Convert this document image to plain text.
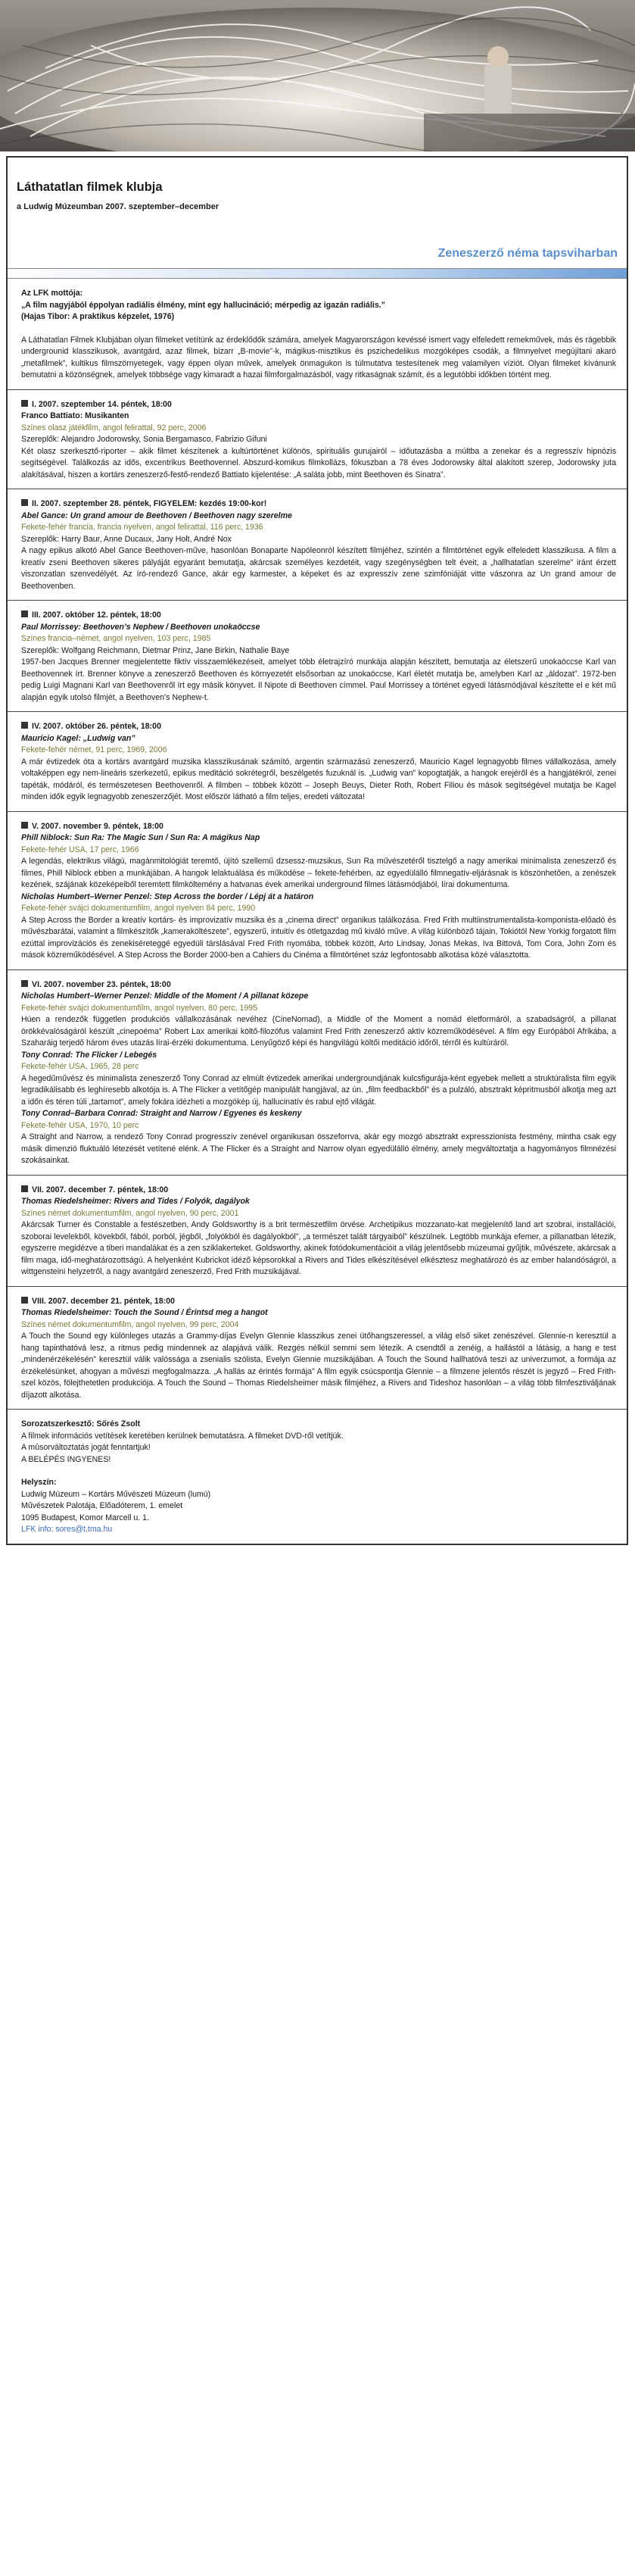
Láthatatlan filmek klubja
a Ludwig Múzeumban 2007. szeptember–december
Zeneszerző néma tapsviharban
Az LFK mottója:
„A film nagyjából éppolyan radiális élmény, mint egy hallucináció; mérpedig az igazán radiális.”
(Hajas Tibor: A praktikus képzelet, 1976)
A Láthatatlan Filmek Klubjában olyan filmeket vetítünk az érdeklődők számára, amelyek Magyarországon kevéssé ismert vagy elfeledett remekművek, más és rágebbik undergrounid klasszikusok, avantgárd, azaz filmek, bizarr „B-movie”-k, mágikus-misztikus és pszichedelikus mozgóképes csodák, a filmnyelvet megújítani akaró „metafilmek”, kultikus filmszörnyetegek, vagy éppen olyan művek, amelyek önmagukon is túlmutatva testesítenek meg valamilyen víziót. Olyan filmeket kívánunk bemutatni a közönségnek, amelyek többsége vagy kimaradt a hazai filmforgalmazásból, vagy ritkaságnak számít, és a legutóbbi időkben történt meg.
I. 2007. szeptember 14. péntek, 18:00
Franco Battiato: Musikanten
Színes olasz játékfilm, angol felirattal, 92 perc, 2006
Szereplők: Alejandro Jodorowsky, Sonia Bergamasco, Fabrizio Gifuni
Két olasz szerkesztő-riporter – akik filmet készítenek a kultúrtörténet különös, spirituális gurujairól – időutazásba a múltba a zenekar és a regresszív hipnózis segítségével. Találkozás az idős, excentrikus Beethovennel. Abszurd-komikus filmkollázs, fókuszban a 78 éves Jodorowsky által alakított szerep, Jodorowsky juta alakításával, hiszen a kortárs zeneszerző-festő-rendező Battiato kijelentése: „A saláta jobb, mint Beethoven és Sinatra”.
II. 2007. szeptember 28. péntek, FIGYELEM: kezdés 19:00-kor!
Abel Gance: Un grand amour de Beethoven / Beethoven nagy szerelme
Fekete-fehér francia, francia nyelven, angol felirattal, 116 perc, 1936
Szereplők: Harry Baur, Anne Ducaux, Jany Holt, André Nox
A nagy epikus alkotó Abel Gance Beethoven-műve, hasonlóan Bonaparte Napóleonról készített filmjéhez, szintén a filmtörténet egyik elfeledett klasszikusa. A film a kreatív zseni Beethoven sikeres pályáját egyaránt bemutatja, akárcsak személyes kezdetéit, vagy szegénységben telt éveit, a „hallhatatlan szerelme” iránt érzett viszonzatlan szenvedélyét. Az író-rendező Gance, akár egy karmester, a képeket és az expresszív zene szimfóniáját vitte vászonra az Un grand amour de Beethovenben.
III. 2007. október 12. péntek, 18:00
Paul Morrissey: Beethoven’s Nephew / Beethoven unokaöccse
Színes francia–német, angol nyelven, 103 perc, 1985
Szereplők: Wolfgang Reichmann, Dietmar Prinz, Jane Birkin, Nathalie Baye
1957-ben Jacques Brenner megjelentette fiktív visszaemlékezéseit, amelyet több életrajzíró munkája alapján készített, bemutatja az életszerű unokaöccse Karl van Beethovennek írt. Brenner könyve a zeneszerző Beethoven és környezetét elsősorban az unokaöccse, Karl életét mutatja be, amelyben Karl az „áldozat”. 1972-ben pedig Luigi Magnani Karl van Beethovenről írt egy másik könyvet. Il Nipote di Beethoven címmel. Paul Morrissey a történet egyedi látásmódjával készítette el e két mű alapján egyik utolsó filmjét, a Beethoven’s Nephew-t.
IV. 2007. október 26. péntek, 18:00
Mauricio Kagel: „Ludwig van”
Fekete-fehér német, 91 perc, 1969, 2006
A már évtizedek óta a kortárs avantgárd muzsika klasszikusának számító, argentin származású zeneszerző, Mauricio Kagel legnagyobb filmes vállalkozása, amely voltaképpen egy nem-lineáris szerkezetű, epikus meditáció sokrétegről, beszélgetés fuzuknál is. „Ludwig van” kopogtatják, a hangok erejéről és a hangjátékról, zenei tapéták, módáról, és természetesen Beethovenről. A filmben – többek között – Joseph Beuys, Dieter Roth, Robert Filiou és mások segítségével mutatja be Kagel minden idők egyik legnagyobb zeneszerzőjét. Most először látható a film teljes, eredeti változata!
V. 2007. november 9. péntek, 18:00
Phill Niblock: Sun Ra: The Magic Sun / Sun Ra: A mágikus Nap
Fekete-fehér USA, 17 perc, 1966
A legendás, elektrikus világú, magánmitológiát teremtő, újító szellemű dzsessz-muzsikus, Sun Ra művészetéről tisztelgő a nagy amerikai minimalista zeneszerző és filmes, Phill Niblock ebben a munkájában. A hangok lelaktuálása és működése – fekete-fehérben, az egyedülálló filmnegatív-eljárásnak is köszönhetően, a zenészek kezének, szájának közeképeiből teremtett filmköltemény a hatvanas évek amerikai underground filmes látásmódjából, lírai dokumentuma.
Nicholas Humbert–Werner Penzel: Step Across the border / Lépj át a határon
Fekete-fehér svájci dokumentumfilm, angol nyelven 84 perc, 1990
A Step Across the Border a kreatív kortárs- és improvizatív muzsika és a „cinema direct” organikus találkozása. Fred Frith multiinstrumentalista-komponista-előadó és művészbarátai, valamint a filmkészítők „kameraköltészete”, egyszerű, intuitív és ötletgazdag mű kiváló műve. A világ különböző tájain, Tokiótól New Yorkig forgatott film ezúttal improvizációs és zenekiséreteggé egyedüli társlásával Fred Frith nyomába, többek között, Arto Lindsay, Jonas Mekas, Iva Bittová, Tom Cora, John Zorn és mások közreműködésével. A Step Across the Border 2000-ben a Cahiers du Cinéma a filmtörténet száz legfontosabb alkotása közé választotta.
VI. 2007. november 23. péntek, 18:00
Nicholas Humbert–Werner Penzel: Middle of the Moment / A pillanat közepe
Fekete-fehér svájci dokumentumfilm, angol nyelven, 80 perc, 1995
Húen a rendezők független produkciós vállalkozásának nevéhez (CineNomad), a Middle of the Moment a nomád életformáról, a szabadságról, a pillanat örökkévalóságáról készült „cinepoéma” Robert Lax amerikai költő-filozófus valamint Fred Frith zeneszerző aktív közreműködésével. A film egy Európából Afrikába, a Szaharáig terjedő három éves utazás lírai-érzéki dokumentuma. Lenyűgöző képi és hangvilágú költői meditáció időről, térről és kultúráról.
Tony Conrad: The Flicker / Lebegés
Fekete-fehér USA, 1965, 28 perc
A hegedűművész és minimalista zeneszerző Tony Conrad az elmúlt évtizedek amerikai undergroundjának kulcsfigurája-ként egyebek mellett a struktúralista film egyik legradikálisabb és leghíresebb alkotója is. A The Flicker a vetítőgép manipulált hangjával, az ún. „film feedbackből” és a pulzáló, absztrakt képritmusból alkotja meg azt a időn és téren túli „tartamot”, amely fokára idézheti a mozgókép új, hallucinatív és rabul ejtő világát.
Tony Conrad–Barbara Conrad: Straight and Narrow / Egyenes és keskeny
Fekete-fehér USA, 1970, 10 perc
A Straight and Narrow, a rendező Tony Conrad progresszív zenével organikusan összeforrva, akár egy mozgó absztrakt expresszionista festmény, mintha csak egy másik dimenzió fluktuáló létezését vetítené elénk. A The Flicker és a Straight and Narrow olyan egyedülálló élmény, amely megváltoztatja a hagyományos filmnézési szokásainkat.
VII. 2007. december 7. péntek, 18:00
Thomas Riedelsheimer: Rivers and Tides / Folyók, dagályok
Színes német dokumentumfilm, angol nyelven, 90 perc, 2001
Akárcsak Turner és Constable a festészetben, Andy Goldsworthy is a brit természetfilm örvése. Archetipikus mozzanato-kat megjelenítő land art szobrai, installációi, szoborai levelekből, kövekből, fából, porból, jégből, „folyókból és dagályokból”, „a természet talált tárgyaiból” készülnek. Legtöbb munkája efemer, a pillanatban létezik, egyszerre megidézve a tiberi mandalákat és a zen sziklakerteket. Goldsworthy, akinek fotódokumentációit a világ jelentősebb múzeumai gyűjtik, művészete, akárcsak a film maga, idő-meghatározottságú. A helyenként Kubrickot idéző képsorokkal a Rivers and Tides elkészítésével elkésztesz meghatározó és az ember halandóságról, a wittgensteini helyzetről, a nagy avantgárd zeneszerző, Fred Frith muzsikájával.
VIII. 2007. december 21. péntek, 18:00
Thomas Riedelsheimer: Touch the Sound / Érintsd meg a hangot
Színes német dokumentumfilm, angol nyelven, 99 perc, 2004
A Touch the Sound egy különleges utazás a Grammy-díjas Evelyn Glennie klasszikus zenei ütőhangszeressel, a világ első siket zenészével. Glennie-n keresztül a hang tapinthatóvá lesz, a ritmus pedig mindennek az alapjává válik. Rezgés nélkül semmi sem létezik. A csendtől a zenéig, a hallástól a látásig, a hang e test „mindenérzékelésén” keresztül válik valóssága a zsenialis szólista, Evelyn Glennie muzsikájában. A Touch the Sound hallhatóvá teszi az univerzumot, a formája az érzékelésünket, ahogyan a művészi megfogalmazza. „A hallás az érintés formája” A film egyik csúcspontja Glennie – a filmzene jelentős részét is jegyző – Fred Frith-szel közös, fölejthetetlen produkciója. A Touch the Sound – Thomas Riedelsheimer másik filmjéhez, a Rivers and Tideshoz hasonlóan – a világ több filmfesztiváljának díjazott alkotása.
Sorozatszerkesztő: Sőrés Zsolt
A filmek információs vetítések keretében kerülnek bemutatásra. A filmeket DVD-ről vetítjük.
A mûsorváltoztatás jogát fenntartjuk!
A BELÉPÉS INGYENES!
Helyszín:
Ludwig Múzeum – Kortárs Művészeti Múzeum (lumú)
Művészetek Palotája, Előadóterem, 1. emelet
1095 Budapest, Komor Marcell u. 1.
LFK info: sores@t.tma.hu
